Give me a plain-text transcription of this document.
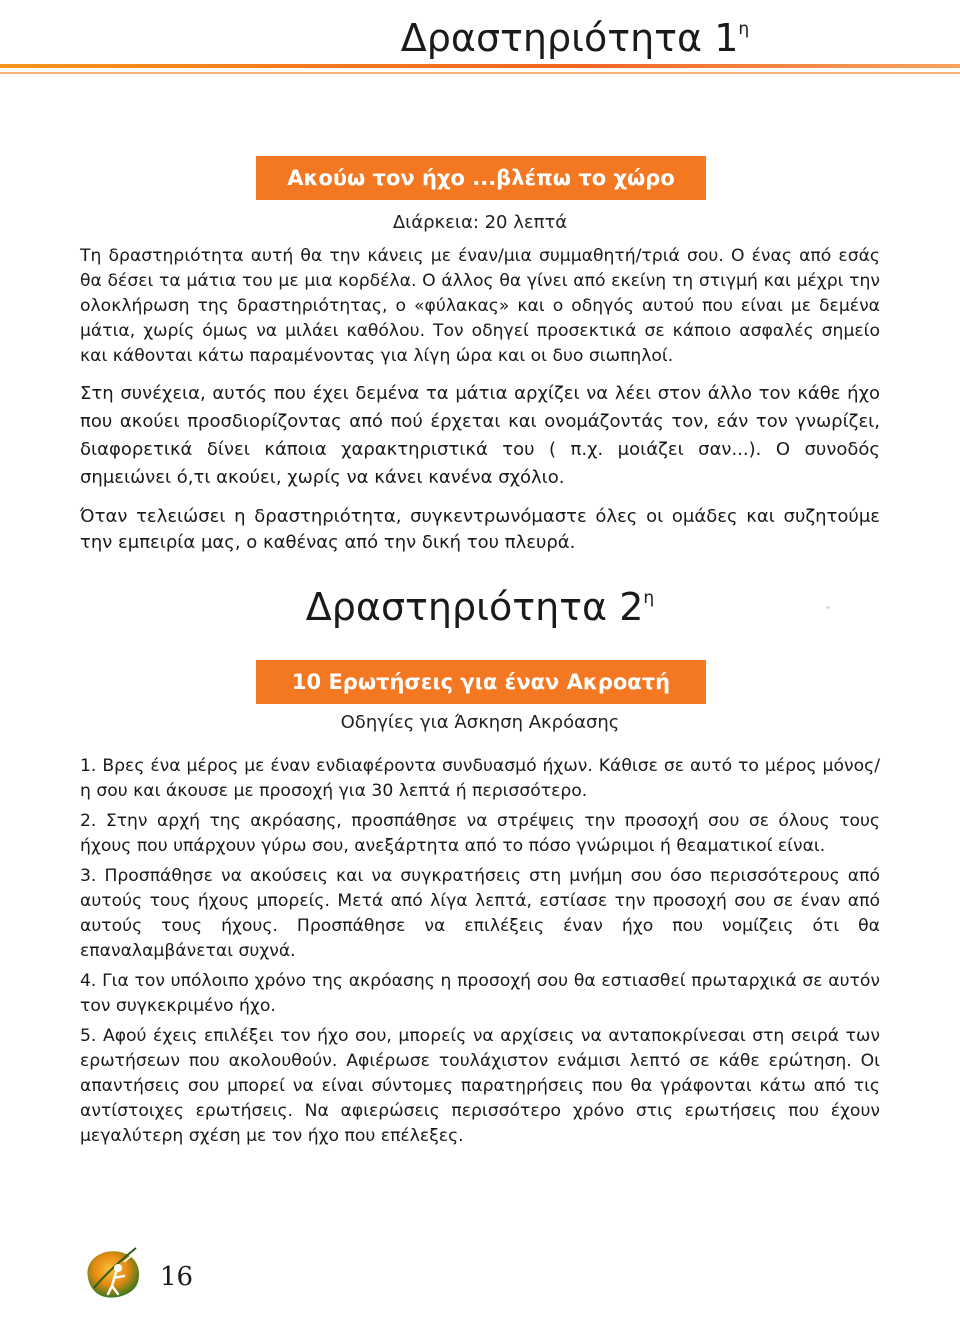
Δραστηριότητα $1^\eta$
Ακούω τον ήχο ...βλέπω το χώρο
Διάρκεια: 20 λεπτά

Τη δραστηριότητα αυτή θα την κάνεις με έναν/μια συμμαθητή/τριά σου. Ο ένας από εσάς θα δέσει τα μάτια του με μια κορδέλα. Ο άλλος θα γίνει από εκείνη τη στιγμή και μέχρι την ολοκλήρωση της δραστηριότητας, ο «φύλακας» και ο οδηγός αυτού που είναι με δεμένα μάτια, χωρίς όμως να μιλάει καθόλου. Τον οδηγεί προσεκτικά σε κάποιο ασφαλές σημείο και κάθονται κάτω παραμένοντας για λίγη ώρα και οι δυο σιωπηλοί.

Στη συνέχεια, αυτός που έχει δεμένα τα μάτια αρχίζει να λέει στον άλλο τον κάθε ήχο που ακούει προσδιορίζοντας από πού έρχεται και ονομάζοντάς τον, εάν τον γνωρίζει, διαφορετικά δίνει κάποια χαρακτηριστικά του ( π.χ. μοιάζει σαν...). Ο συνοδός σημειώνει ό,τι ακούει, χωρίς να κάνει κανένα σχόλιο.

Όταν τελειώσει η δραστηριότητα, συγκεντρωνόμαστε όλες οι ομάδες και συζητούμε την εμπειρία μας, ο καθένας από την δική του πλευρά.

Δραστηριότητα $2^\eta$
10 Ερωτήσεις για έναν Ακροατή
Οδηγίες για Άσκηση Ακρόασης
1. Βρες ένα μέρος με έναν ενδιαφέροντα συνδυασμό ήχων. Κάθισε σε αυτό το μέρος μόνος/η σου και άκουσε με προσοχή για 30 λεπτά ή περισσότερο.
2. Στην αρχή της ακρόασης, προσπάθησε να στρέψεις την προσοχή σου σε όλους τους ήχους που υπάρχουν γύρω σου, ανεξάρτητα από το πόσο γνώριμοι ή θεαματικοί είναι.
3. Προσπάθησε να ακούσεις και να συγκρατήσεις στη μνήμη σου όσο περισσότερους από αυτούς τους ήχους μπορείς. Μετά από λίγα λεπτά, εστίασε την προσοχή σου σε έναν από αυτούς τους ήχους. Προσπάθησε να επιλέξεις έναν ήχο που νομίζεις ότι θα επαναλαμβάνεται συχνά.
4. Για τον υπόλοιπο χρόνο της ακρόασης η προσοχή σου θα εστιασθεί πρωταρχικά σε αυτόν τον συγκεκριμένο ήχο.
5. Αφού έχεις επιλέξει τον ήχο σου, μπορείς να αρχίσεις να ανταποκρίνεσαι στη σειρά των ερωτήσεων που ακολουθούν. Αφιέρωσε τουλάχιστον ενάμισι λεπτό σε κάθε ερώτηση. Οι απαντήσεις σου μπορεί να είναι σύντομες παρατηρήσεις που θα γράφονται κάτω από τις αντίστοιχες ερωτήσεις. Να αφιερώσεις περισσότερο χρόνο στις ερωτήσεις που έχουν μεγαλύτερη σχέση με τον ήχο που επέλεξες.
16
